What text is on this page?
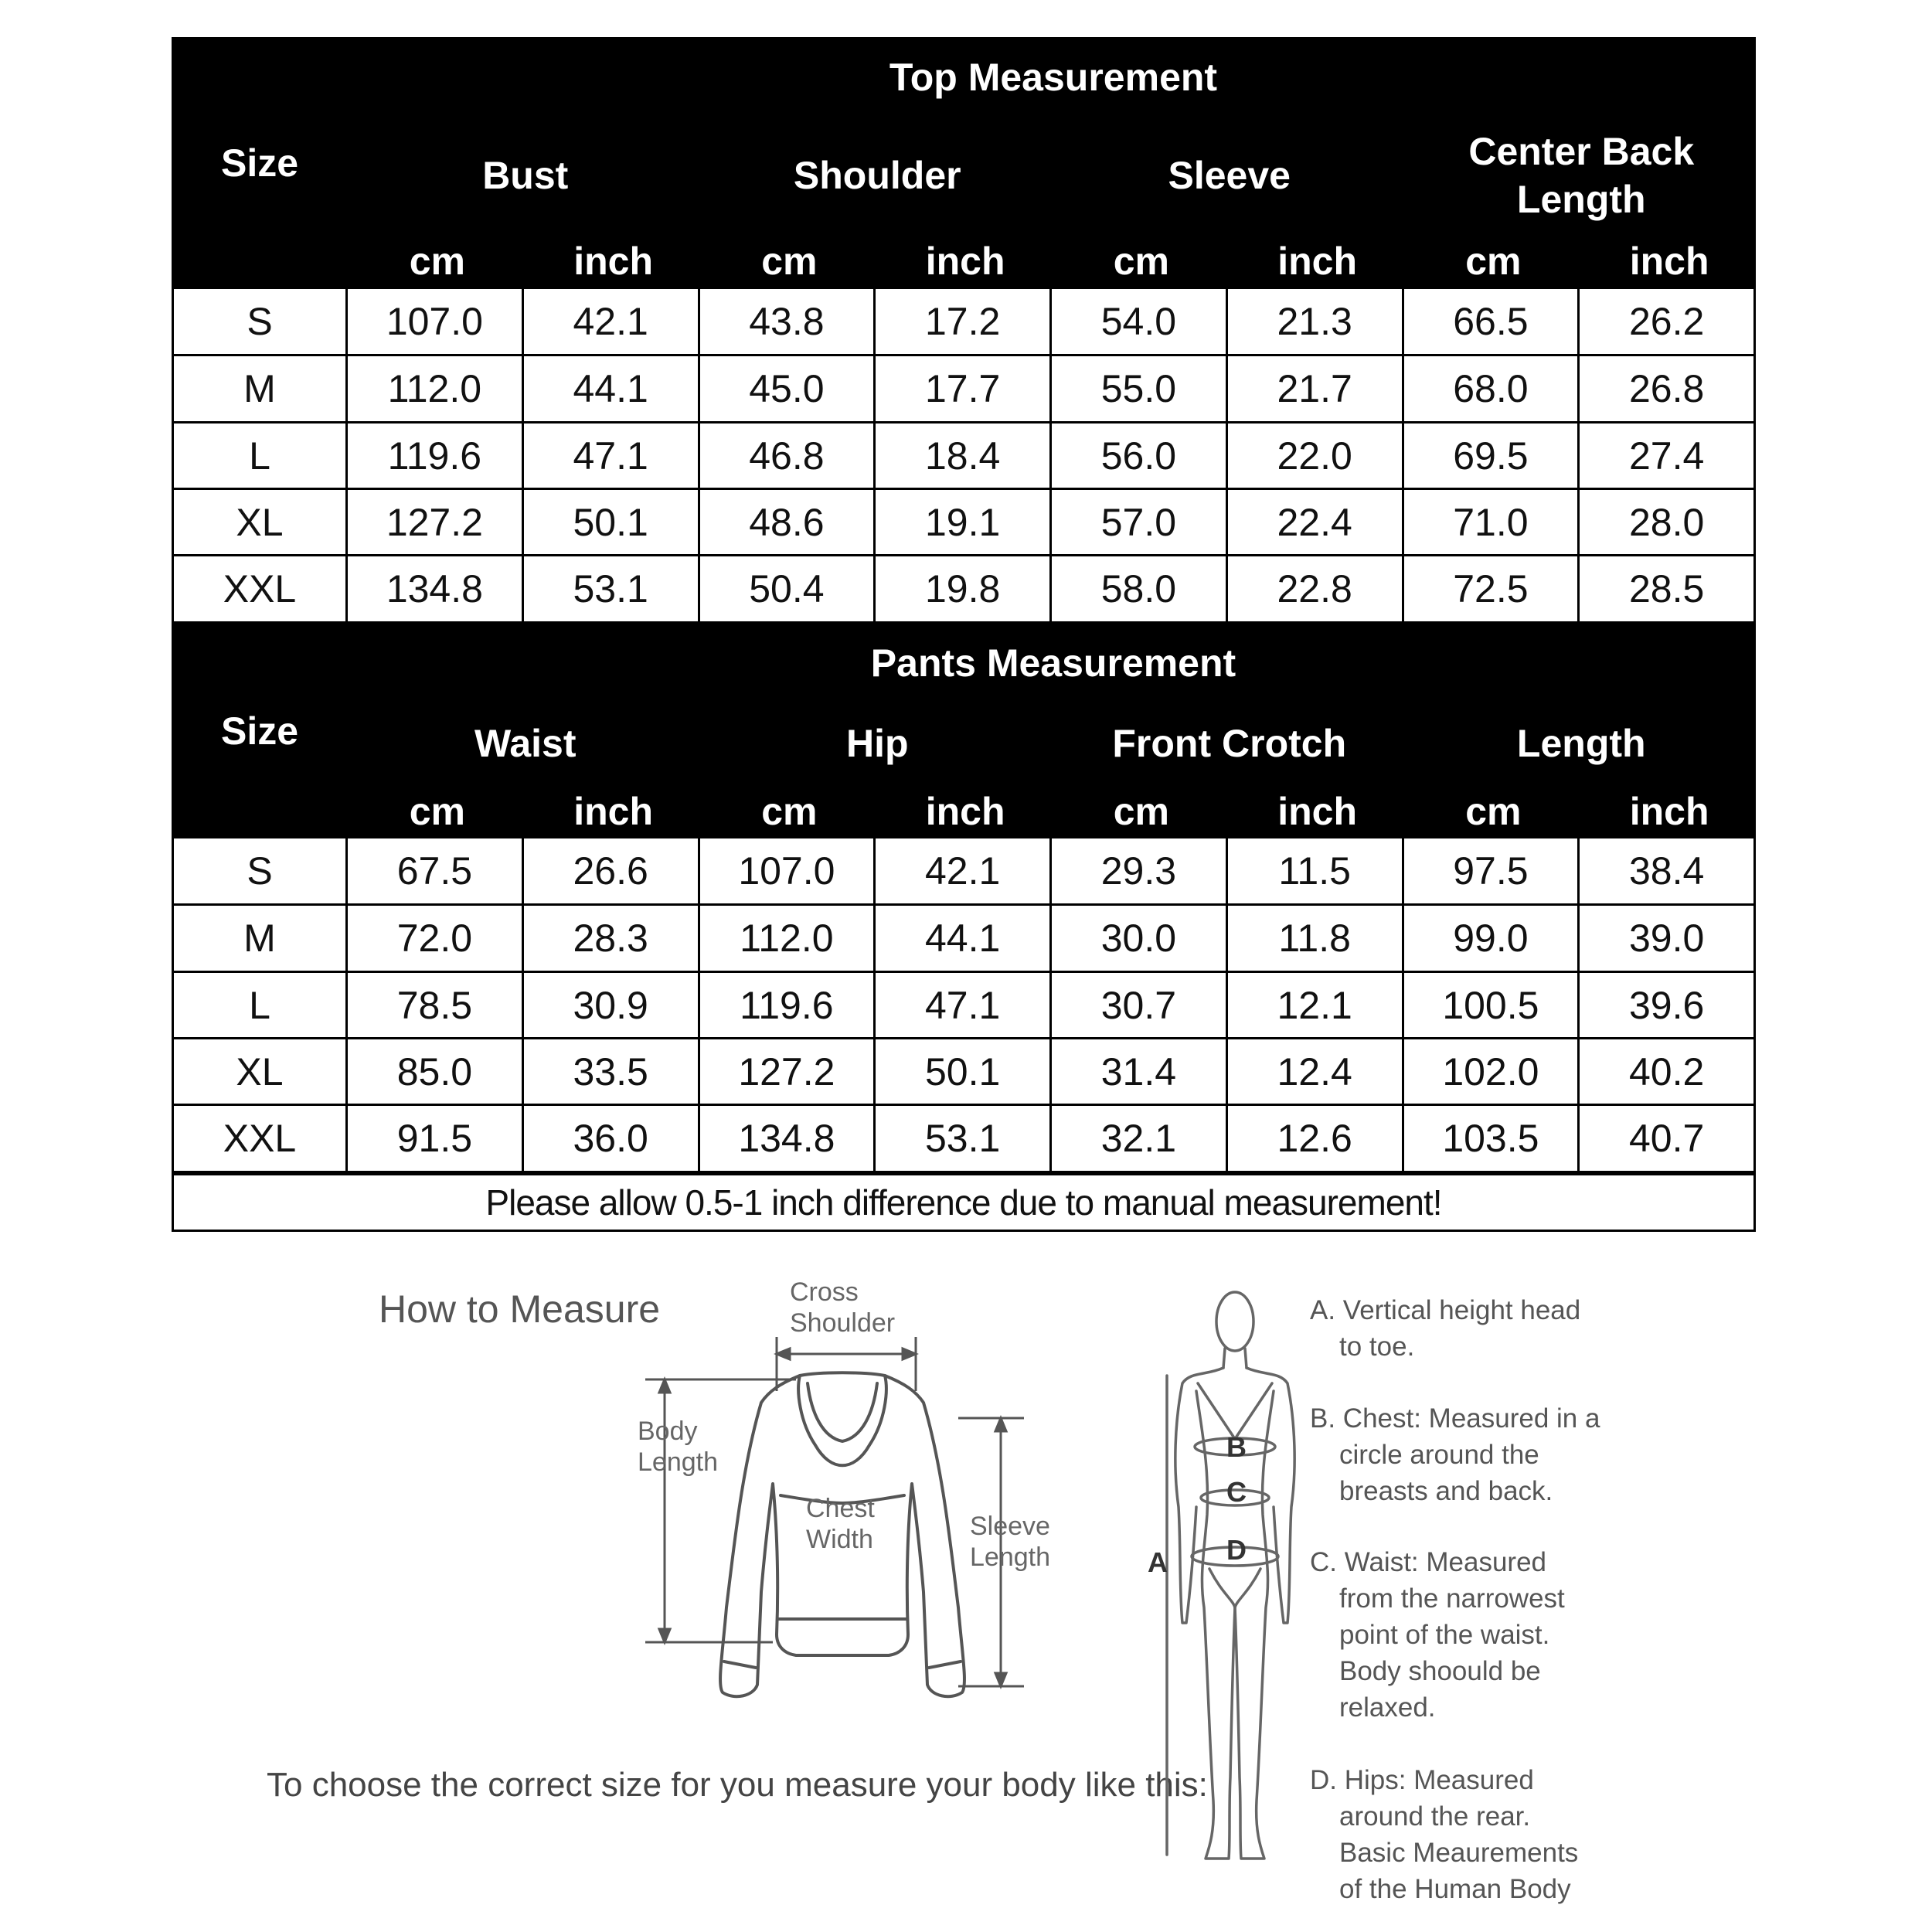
Size
Top Measurement
Bust	Shoulder	Sleeve
Center Back Length
cm	inch	cm	inch	cm	inch	cm	inch
S	107.0	42.1	43.8	17.2	54.0	21.3	66.5	26.2
M	112.0	44.1	45.0	17.7	55.0	21.7	68.0	26.8
L	119.6	47.1	46.8	18.4	56.0	22.0	69.5	27.4
XL	127.2	50.1	48.6	19.1	57.0	22.4	71.0	28.0
XXL	134.8	53.1	50.4	19.8	58.0	22.8	72.5	28.5
Size
Pants Measurement
Waist	Hip	Front Crotch	Length
cm	inch	cm	inch	cm	inch	cm	inch
S	67.5	26.6	107.0	42.1	29.3	11.5	97.5	38.4
M	72.0	28.3	112.0	44.1	30.0	11.8	99.0	39.0
L	78.5	30.9	119.6	47.1	30.7	12.1	100.5	39.6
XL	85.0	33.5	127.2	50.1	31.4	12.4	102.0	40.2
XXL	91.5	36.0	134.8	53.1	32.1	12.6	103.5	40.7
Please allow 0.5-1 inch difference due to manual measurement!
How to Measure
To choose the correct size for you measure your body like this:
A
B
C
D
Cross
Shoulder
Body
Length
Chest
Width	Sleeve
Length
A. Vertical height head
to toe.
B. Chest: Measured in a
circle around the
breasts and back.
C. Waist: Measured
from the narrowest
point of the waist.
Body shoould be
relaxed.
D. Hips: Measured
around the rear.
Basic Meaurements
of the Human Body
